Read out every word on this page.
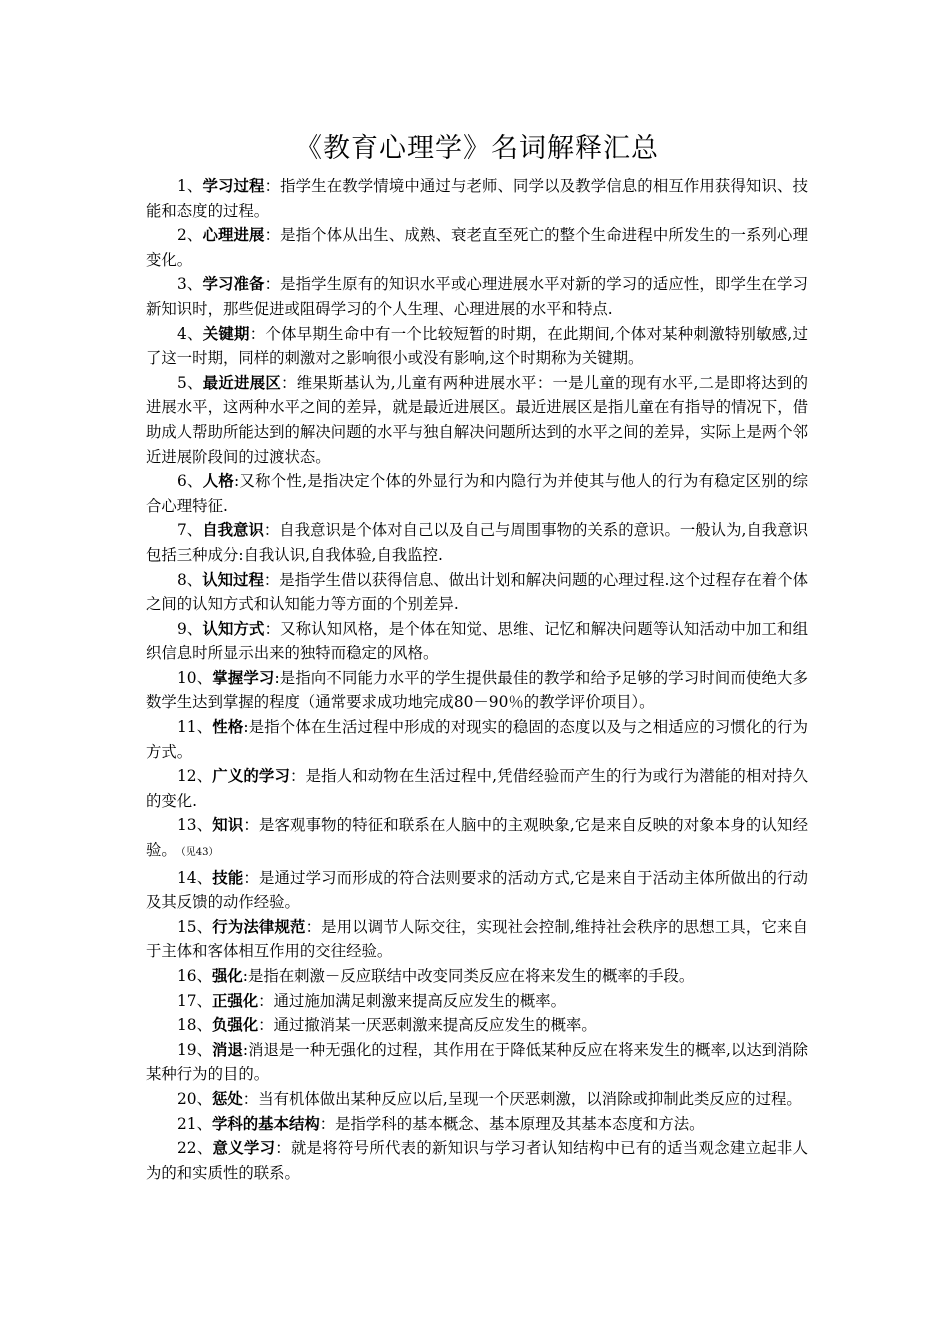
《教育心理学》名词解释汇总

1、学习过程：指学生在教学情境中通过与老师、同学以及教学信息的相互作用获得知识、技能和态度的过程。

2、心理进展：是指个体从出生、成熟、衰老直至死亡的整个生命进程中所发生的一系列心理变化。

3、学习准备：是指学生原有的知识水平或心理进展水平对新的学习的适应性，即学生在学习新知识时，那些促进或阻碍学习的个人生理、心理进展的水平和特点.

4、关键期：个体早期生命中有一个比较短暂的时期，在此期间,个体对某种刺激特别敏感,过了这一时期，同样的刺激对之影响很小或没有影响,这个时期称为关键期。

5、最近进展区：维果斯基认为,儿童有两种进展水平：一是儿童的现有水平,二是即将达到的进展水平，这两种水平之间的差异，就是最近进展区。最近进展区是指儿童在有指导的情况下，借助成人帮助所能达到的解决问题的水平与独自解决问题所达到的水平之间的差异，实际上是两个邻近进展阶段间的过渡状态。

6、人格:又称个性,是指决定个体的外显行为和内隐行为并使其与他人的行为有稳定区别的综合心理特征.

7、自我意识：自我意识是个体对自己以及自己与周围事物的关系的意识。一般认为,自我意识包括三种成分:自我认识,自我体验,自我监控.

8、认知过程：是指学生借以获得信息、做出计划和解决问题的心理过程.这个过程存在着个体之间的认知方式和认知能力等方面的个别差异.

9、认知方式：又称认知风格，是个体在知觉、思维、记忆和解决问题等认知活动中加工和组织信息时所显示出来的独特而稳定的风格。

10、掌握学习:是指向不同能力水平的学生提供最佳的教学和给予足够的学习时间而使绝大多数学生达到掌握的程度（通常要求成功地完成80－90％的教学评价项目）。

11、性格:是指个体在生活过程中形成的对现实的稳固的态度以及与之相适应的习惯化的行为方式。

12、广义的学习：是指人和动物在生活过程中,凭借经验而产生的行为或行为潜能的相对持久的变化.

13、知识：是客观事物的特征和联系在人脑中的主观映象,它是来自反映的对象本身的认知经验。 （见43）

14、技能：是通过学习而形成的符合法则要求的活动方式,它是来自于活动主体所做出的行动及其反馈的动作经验。

15、行为法律规范：是用以调节人际交往，实现社会控制,维持社会秩序的思想工具，它来自于主体和客体相互作用的交往经验。

16、强化:是指在刺激－反应联结中改变同类反应在将来发生的概率的手段。

17、正强化：通过施加满足刺激来提高反应发生的概率。

18、负强化：通过撤消某一厌恶刺激来提高反应发生的概率。

19、消退:消退是一种无强化的过程，其作用在于降低某种反应在将来发生的概率,以达到消除某种行为的目的。

20、惩处：当有机体做出某种反应以后,呈现一个厌恶刺激，以消除或抑制此类反应的过程。

21、学科的基本结构：是指学科的基本概念、基本原理及其基本态度和方法。

22、意义学习：就是将符号所代表的新知识与学习者认知结构中已有的适当观念建立起非人为的和实质性的联系。
